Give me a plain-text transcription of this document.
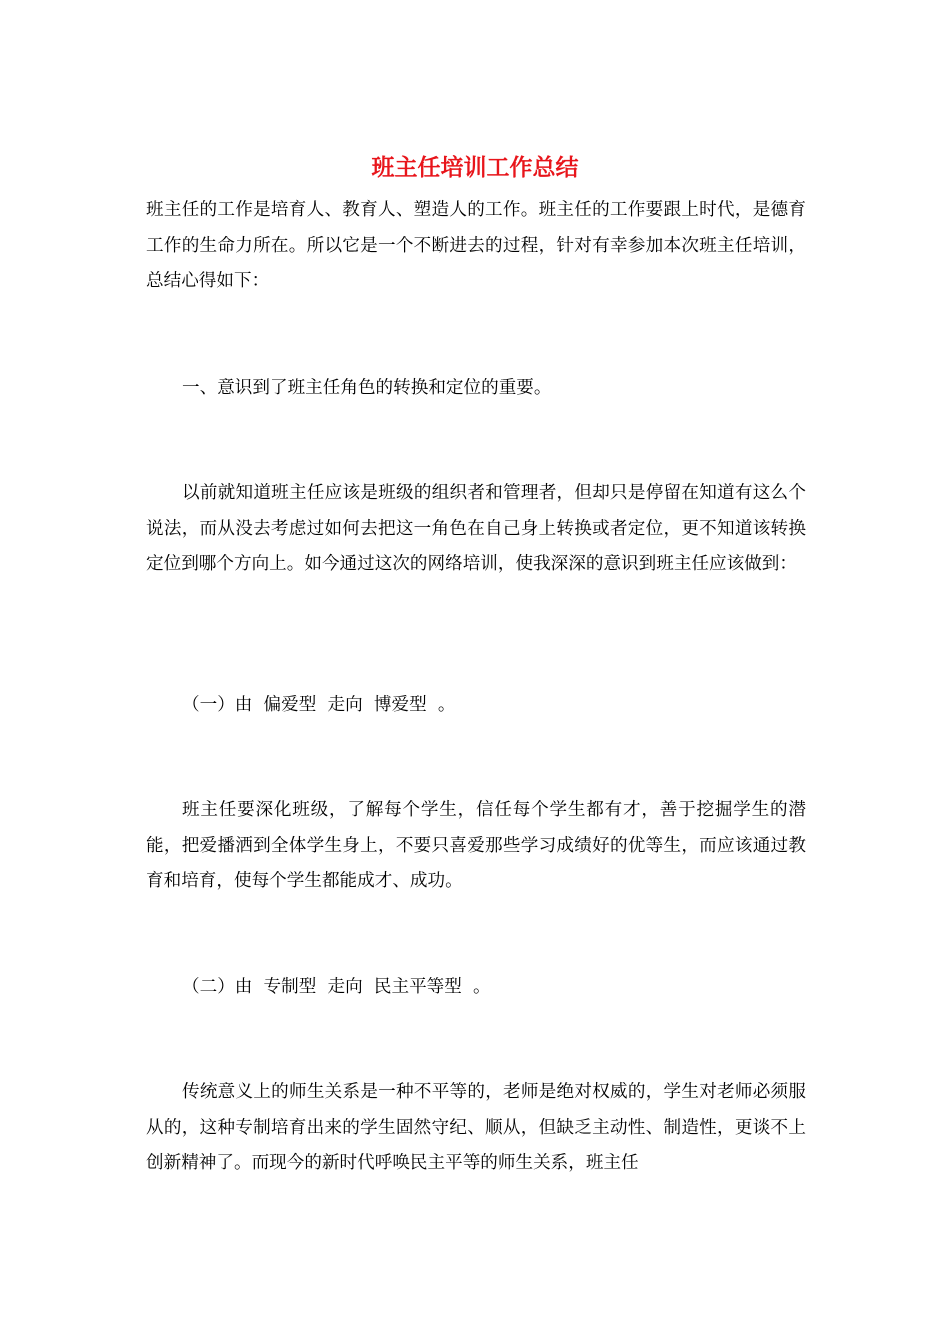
班主任培训工作总结

班主任的工作是培育人、教育人、塑造人的工作。班主任的工作要跟上时代，是德育工作的生命力所在。所以它是一个不断进去的过程，针对有幸参加本次班主任培训，总结心得如下：

一、意识到了班主任角色的转换和定位的重要。

以前就知道班主任应该是班级的组织者和管理者，但却只是停留在知道有这么个说法，而从没去考虑过如何去把这一角色在自己身上转换或者定位，更不知道该转换定位到哪个方向上。如今通过这次的网络培训，使我深深的意识到班主任应该做到：

（一）由  偏爱型  走向  博爱型  。

班主任要深化班级，了解每个学生，信任每个学生都有才，善于挖掘学生的潜能，把爱播洒到全体学生身上，不要只喜爱那些学习成绩好的优等生，而应该通过教育和培育，使每个学生都能成才、成功。

（二）由  专制型  走向  民主平等型  。

传统意义上的师生关系是一种不平等的，老师是绝对权威的，学生对老师必须服从的，这种专制培育出来的学生固然守纪、顺从，但缺乏主动性、制造性，更谈不上创新精神了。而现今的新时代呼唤民主平等的师生关系，班主任
